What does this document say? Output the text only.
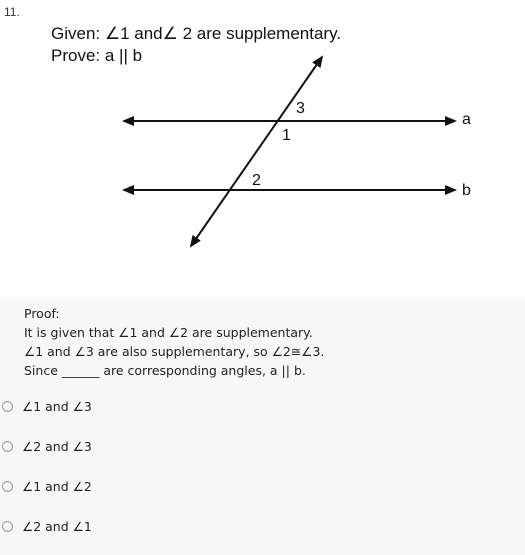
11.
Given: ∠1 and∠ 2 are supplementary.
Prove: a || b
3
1
2
a
b
Proof:
It is given that ∠1 and ∠2 are supplementary.
∠1 and ∠3 are also supplementary, so ∠2≅∠3.
Since ______ are corresponding angles, a || b.
∠1 and ∠3
∠2 and ∠3
∠1 and ∠2
∠2 and ∠1
